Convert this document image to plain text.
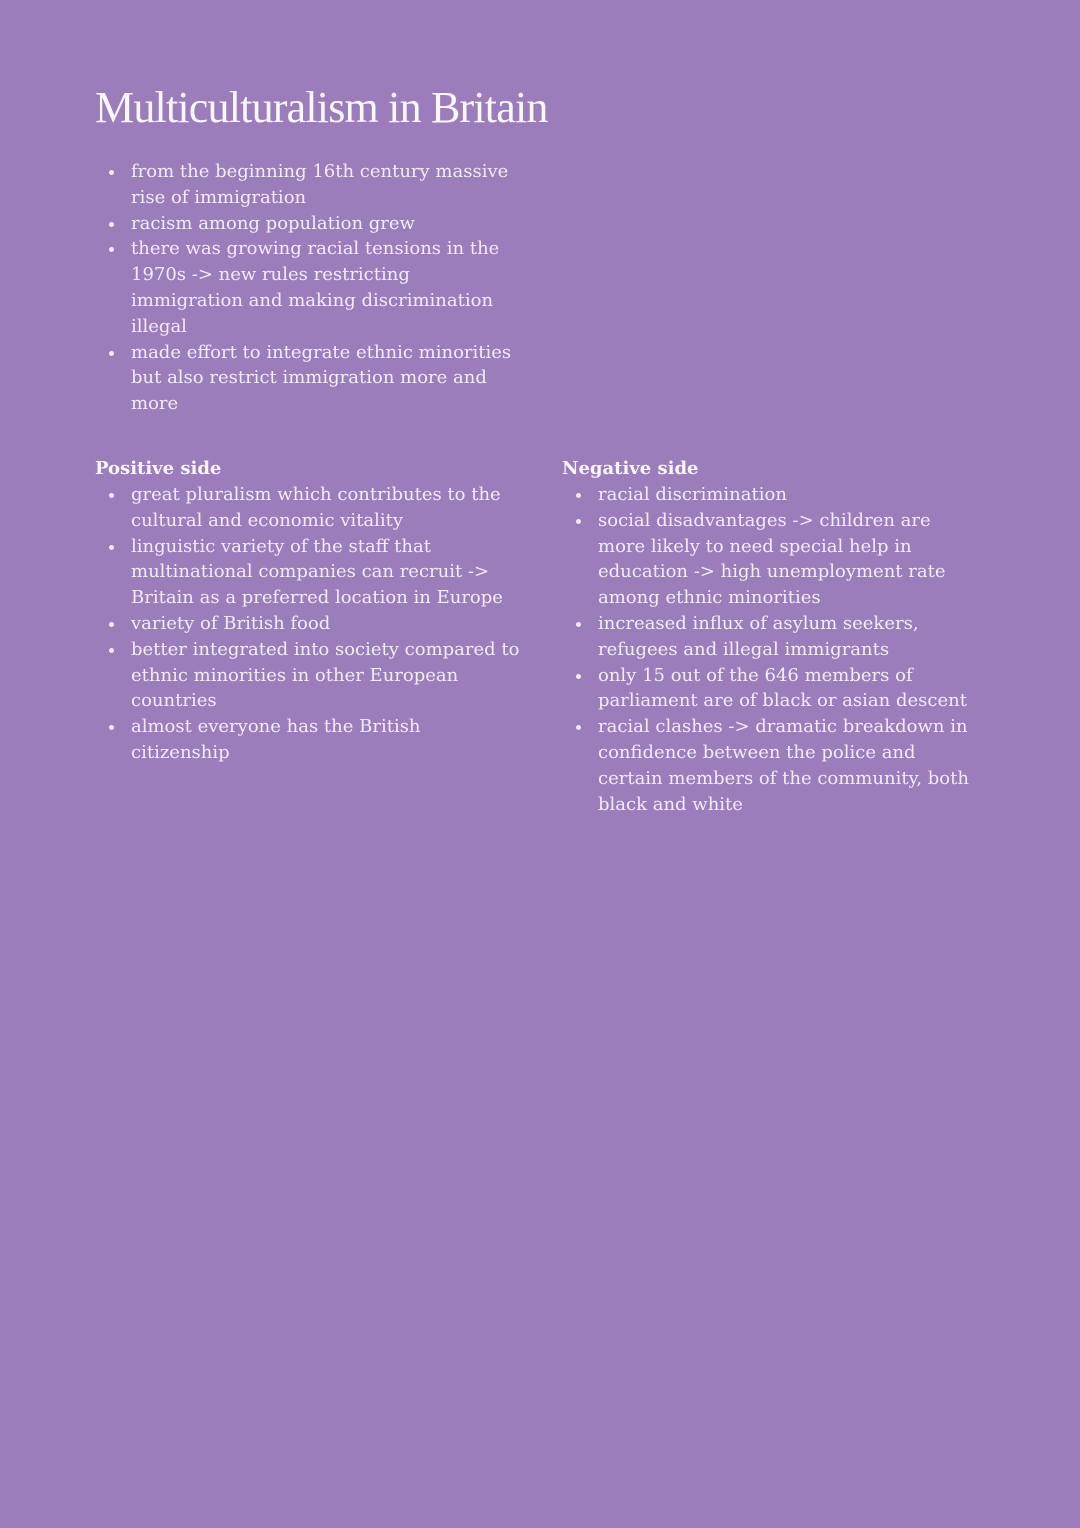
Multiculturalism in Britain
from the beginning 16th century massive rise of immigration
racism among population grew
there was growing racial tensions in the 1970s -> new rules restricting immigration and making discrimination illegal
made effort to integrate ethnic minorities but also restrict immigration more and more
Positive side
great pluralism which contributes to the cultural and economic vitality
linguistic variety of the staff that multinational companies can recruit -> Britain as a preferred location in Europe
variety of British food
better integrated into society compared to ethnic minorities in other European countries
almost everyone has the British citizenship
Negative side
racial discrimination
social disadvantages -> children are more likely to need special help in education -> high unemployment rate among ethnic minorities
increased influx of asylum seekers, refugees and illegal immigrants
only 15 out of the 646 members of parliament are of black or asian descent
racial clashes -> dramatic breakdown in confidence between the police and certain members of the community, both black and white
